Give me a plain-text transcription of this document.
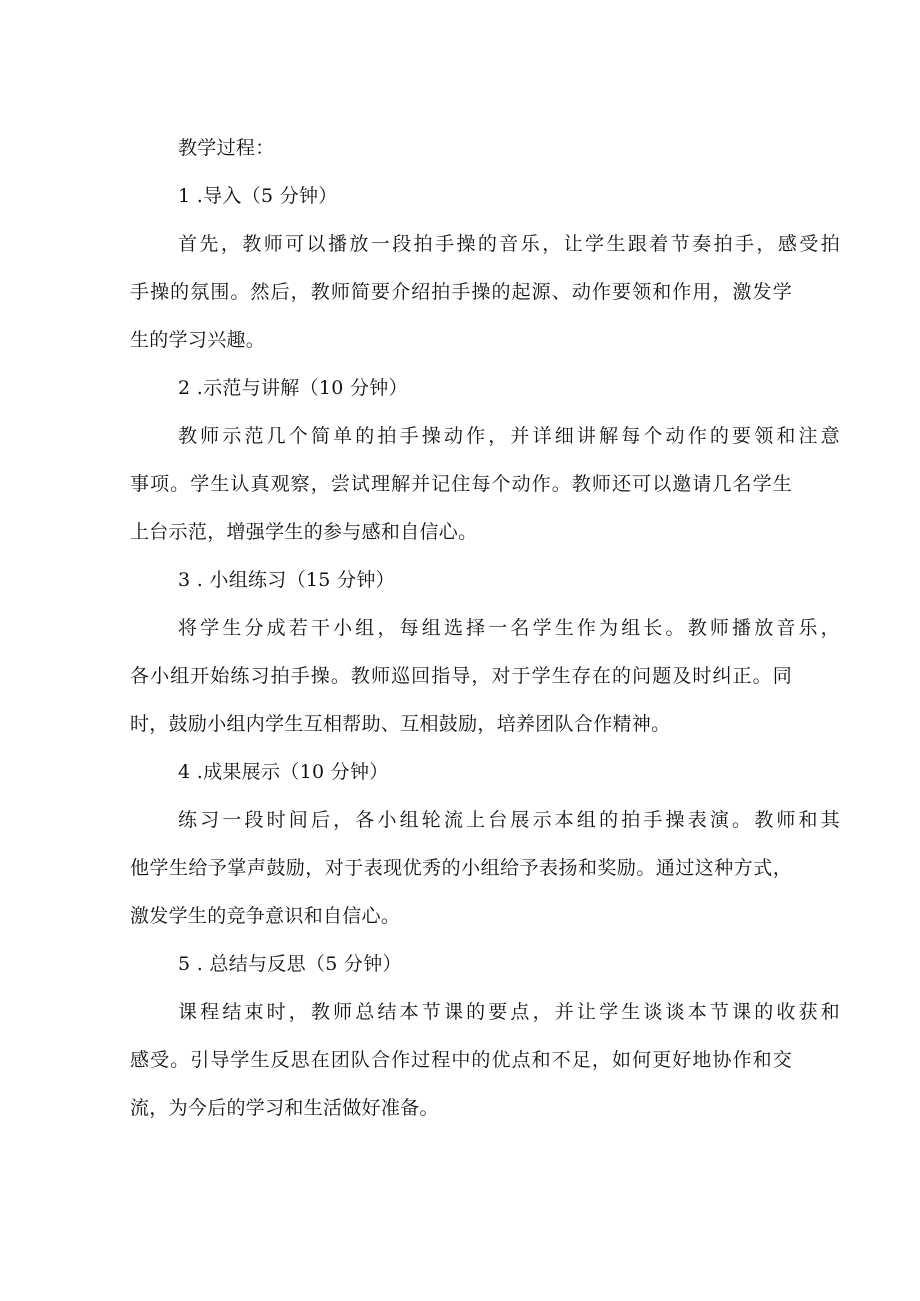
教学过程：
1 .导入（5 分钟）
首先，教师可以播放一段拍手操的音乐，让学生跟着节奏拍手，感受拍
手操的氛围。然后，教师简要介绍拍手操的起源、动作要领和作用，激发学
生的学习兴趣。
2 .示范与讲解（10 分钟）
教师示范几个简单的拍手操动作，并详细讲解每个动作的要领和注意
事项。学生认真观察，尝试理解并记住每个动作。教师还可以邀请几名学生
上台示范，增强学生的参与感和自信心。
3 . 小组练习（15 分钟）
将学生分成若干小组，每组选择一名学生作为组长。教师播放音乐，
各小组开始练习拍手操。教师巡回指导，对于学生存在的问题及时纠正。同
时，鼓励小组内学生互相帮助、互相鼓励，培养团队合作精神。
4 .成果展示（10 分钟）
练习一段时间后，各小组轮流上台展示本组的拍手操表演。教师和其
他学生给予掌声鼓励，对于表现优秀的小组给予表扬和奖励。通过这种方式，
激发学生的竞争意识和自信心。
5 . 总结与反思（5 分钟）
课程结束时，教师总结本节课的要点，并让学生谈谈本节课的收获和
感受。引导学生反思在团队合作过程中的优点和不足，如何更好地协作和交
流，为今后的学习和生活做好准备。
